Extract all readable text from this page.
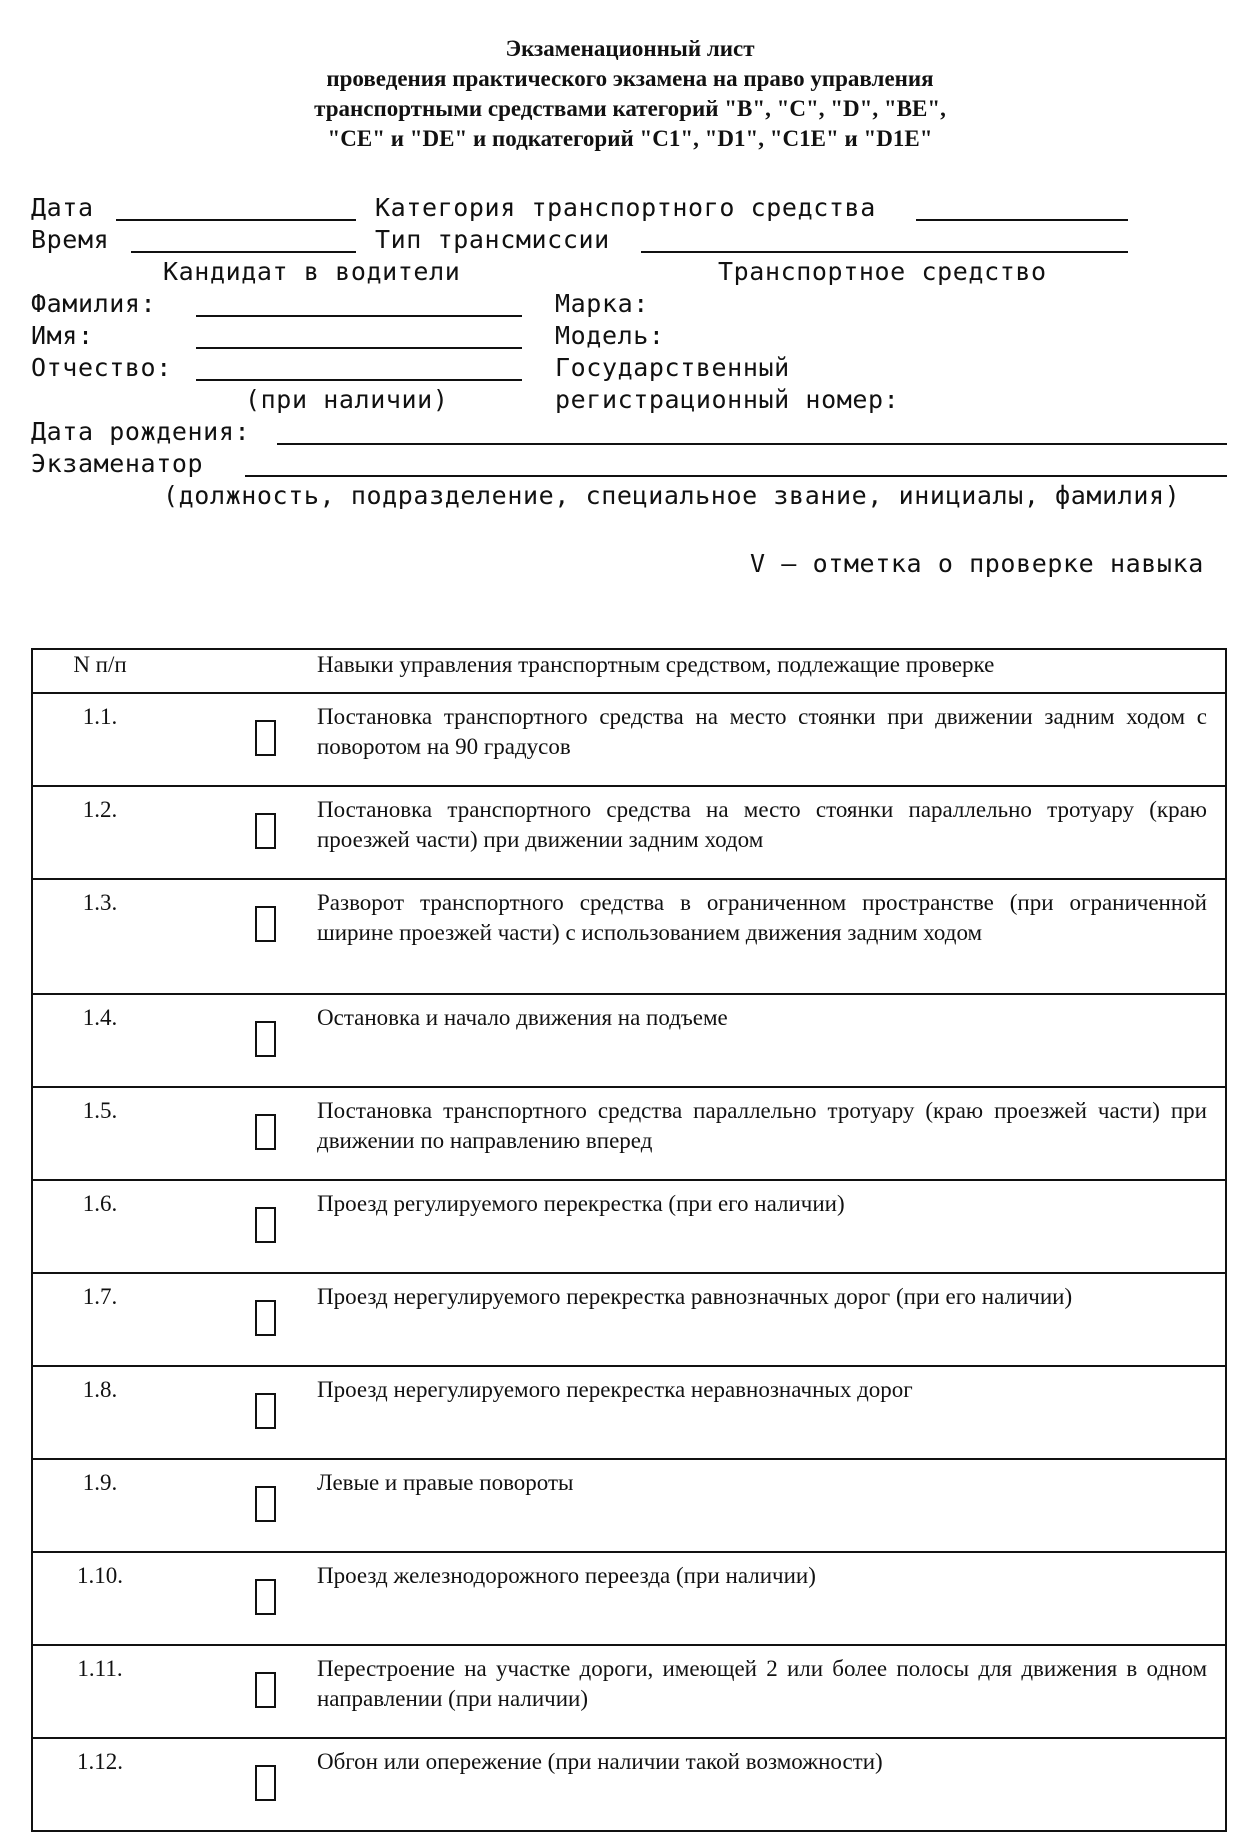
Экзаменационный лист
проведения практического экзамена на право управления
транспортными средствами категорий "B", "C", "D", "BE",
"CE" и "DE" и подкатегорий "C1", "D1", "C1E" и "D1E"
Дата	Категория транспортного средства
Время	Тип трансмиссии
Кандидат в водители	Транспортное средство
Фамилия:
Имя:
Отчество:
(при наличии)
Марка:
Модель:
Государственный
регистрационный номер:
Дата рождения:
Экзаменатор
(должность, подразделение, специальное звание, инициалы, фамилия)
V – отметка о проверке навыка
N п/п		Навыки управления транспортным средством, подлежащие проверке
1.1.		Постановка транспортного средства на место стоянки при движении задним ходом с поворотом на 90 градусов
1.2.		Постановка транспортного средства на место стоянки параллельно тротуару (краю проезжей части) при движении задним ходом
1.3.		Разворот транспортного средства в ограниченном пространстве (при ограниченной ширине проезжей части) с использованием движения задним ходом
1.4.		Остановка и начало движения на подъеме
1.5.		Постановка транспортного средства параллельно тротуару (краю проезжей части) при движении по направлению вперед
1.6.		Проезд регулируемого перекрестка (при его наличии)
1.7.		Проезд нерегулируемого перекрестка равнозначных дорог (при его наличии)
1.8.		Проезд нерегулируемого перекрестка неравнозначных дорог
1.9.		Левые и правые повороты
1.10.		Проезд железнодорожного переезда (при наличии)
1.11.		Перестроение на участке дороги, имеющей 2 или более полосы для движения в одном направлении (при наличии)
1.12.		Обгон или опережение (при наличии такой возможности)
